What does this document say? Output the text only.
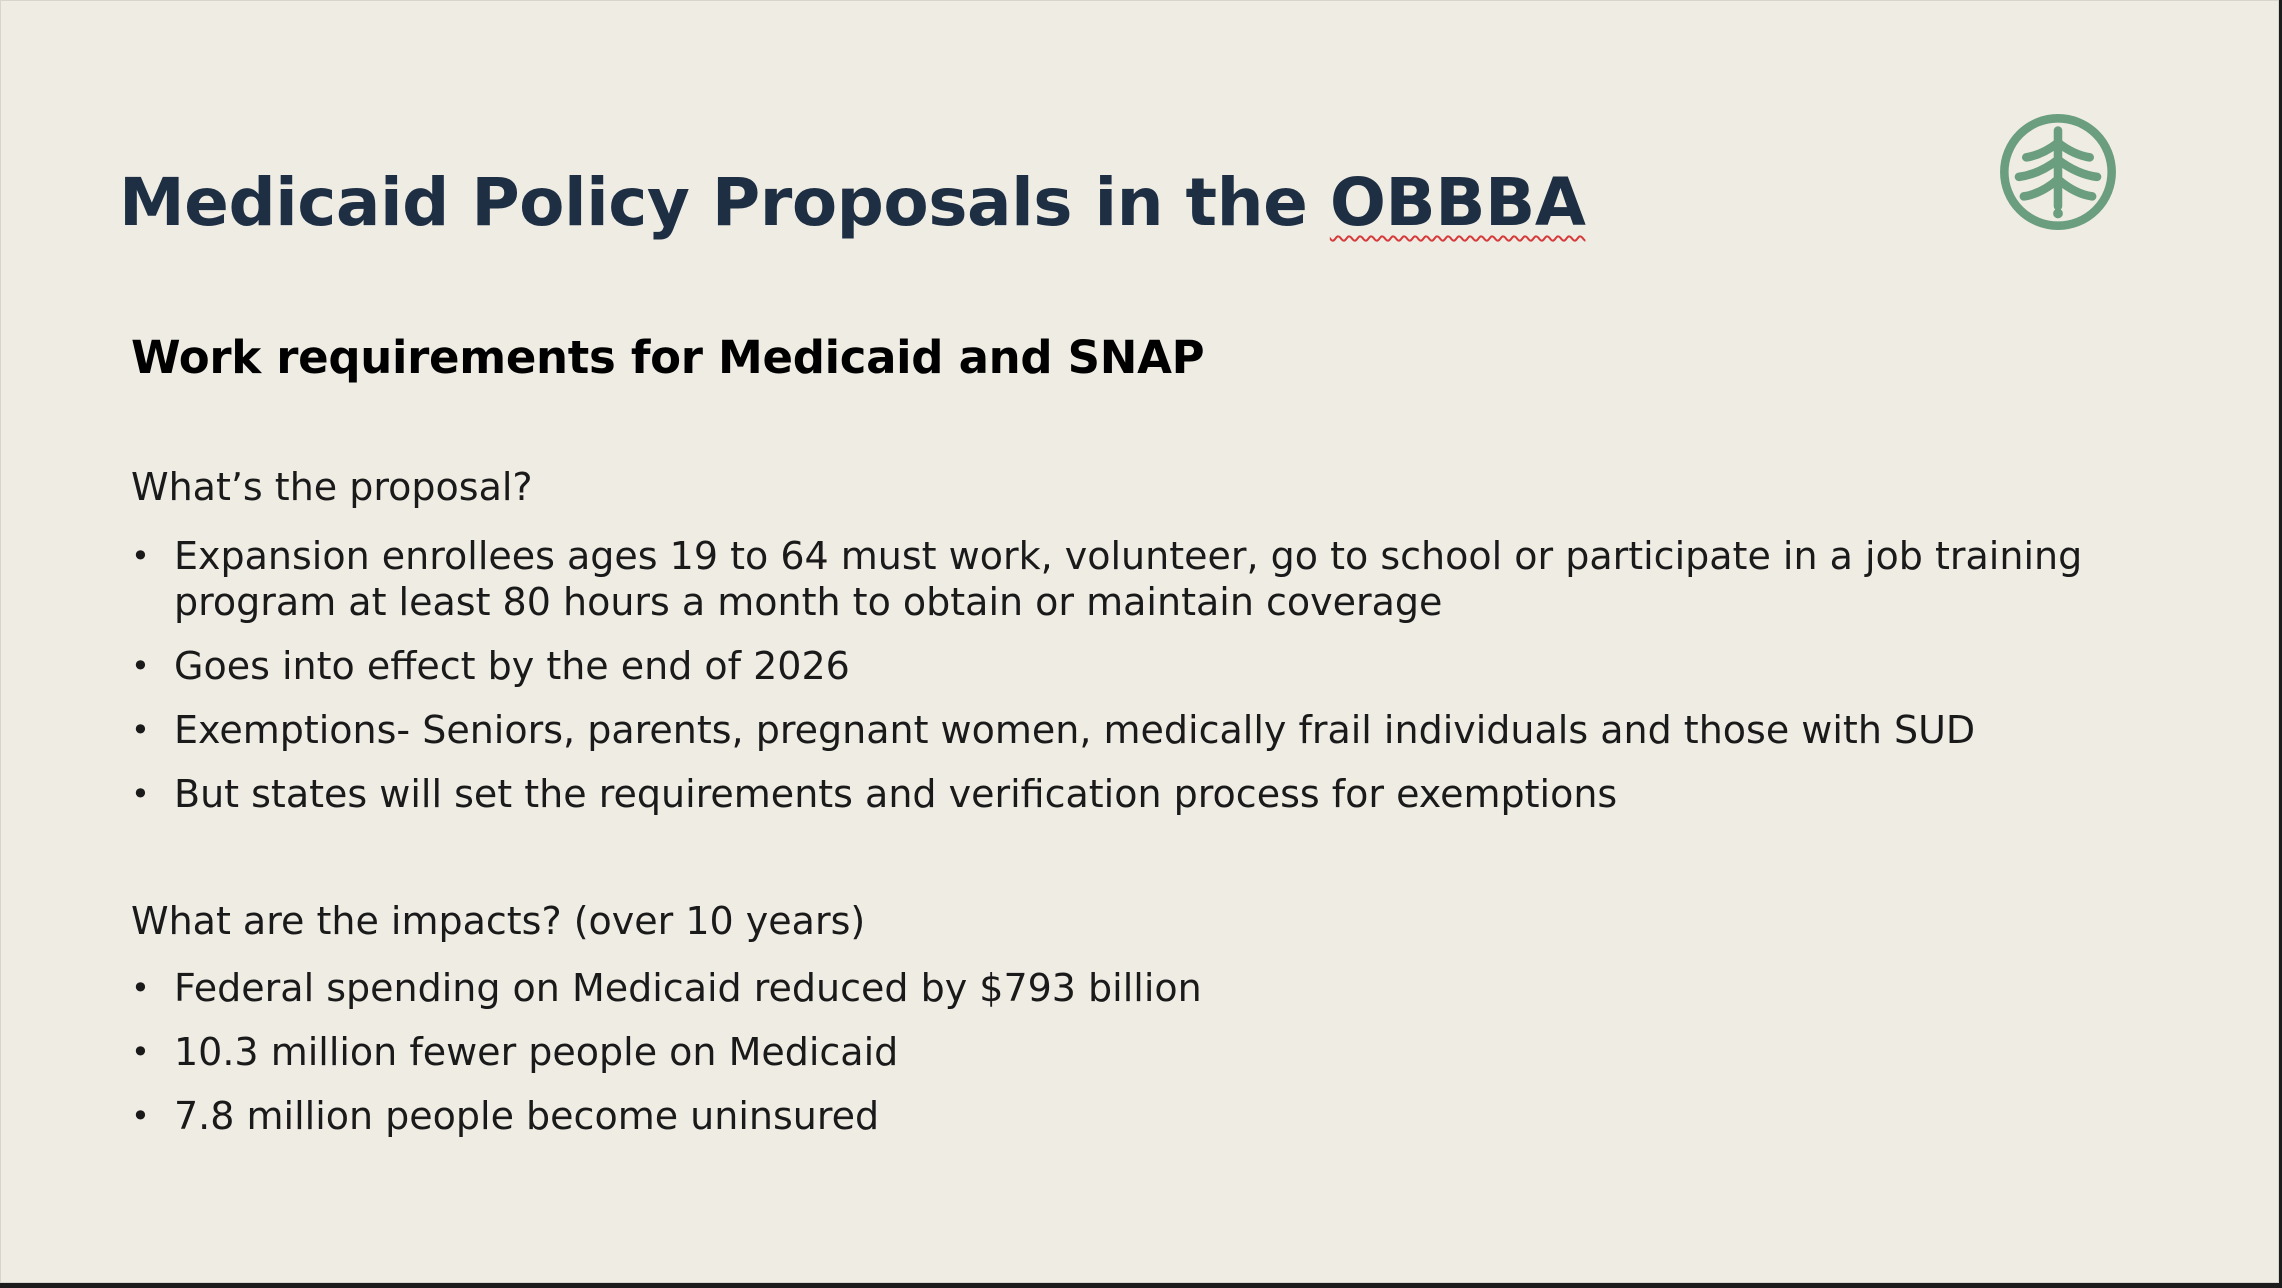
Medicaid Policy Proposals in the OBBBA
Work requirements for Medicaid and SNAP

What’s the proposal?

• Expansion enrollees ages 19 to 64 must work, volunteer, go to school or participate in a job training program at least 80 hours a month to obtain or maintain coverage
• Goes into effect by the end of 2026
• Exemptions- Seniors, parents, pregnant women, medically frail individuals and those with SUD
• But states will set the requirements and verification process for exemptions

What are the impacts? (over 10 years)

• Federal spending on Medicaid reduced by $793 billion
• 10.3 million fewer people on Medicaid
• 7.8 million people become uninsured
